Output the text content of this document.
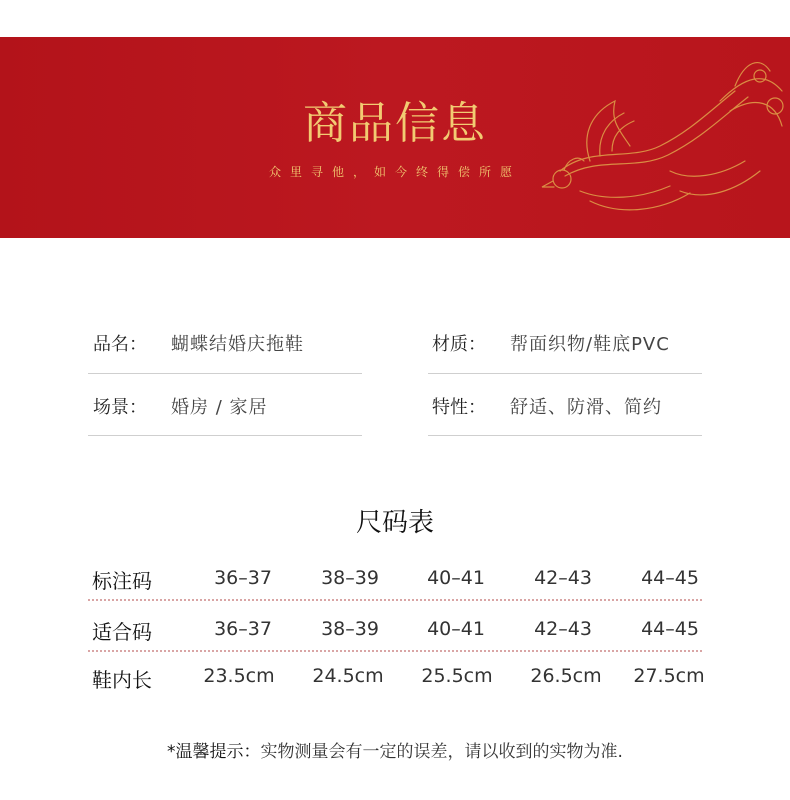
商品信息
众里寻他，如今终得偿所愿
品名： 蝴蝶结婚庆拖鞋	材质： 帮面织物/鞋底PVC
场景： 婚房 / 家居	特性： 舒适、防滑、简约
尺码表
标注码	36–37	38–39	40–41	42–43	44–45
适合码	36–37	38–39	40–41	42–43	44–45
鞋内长	23.5cm	24.5cm	25.5cm	26.5cm	27.5cm
*温馨提示：实物测量会有一定的误差，请以收到的实物为准.
